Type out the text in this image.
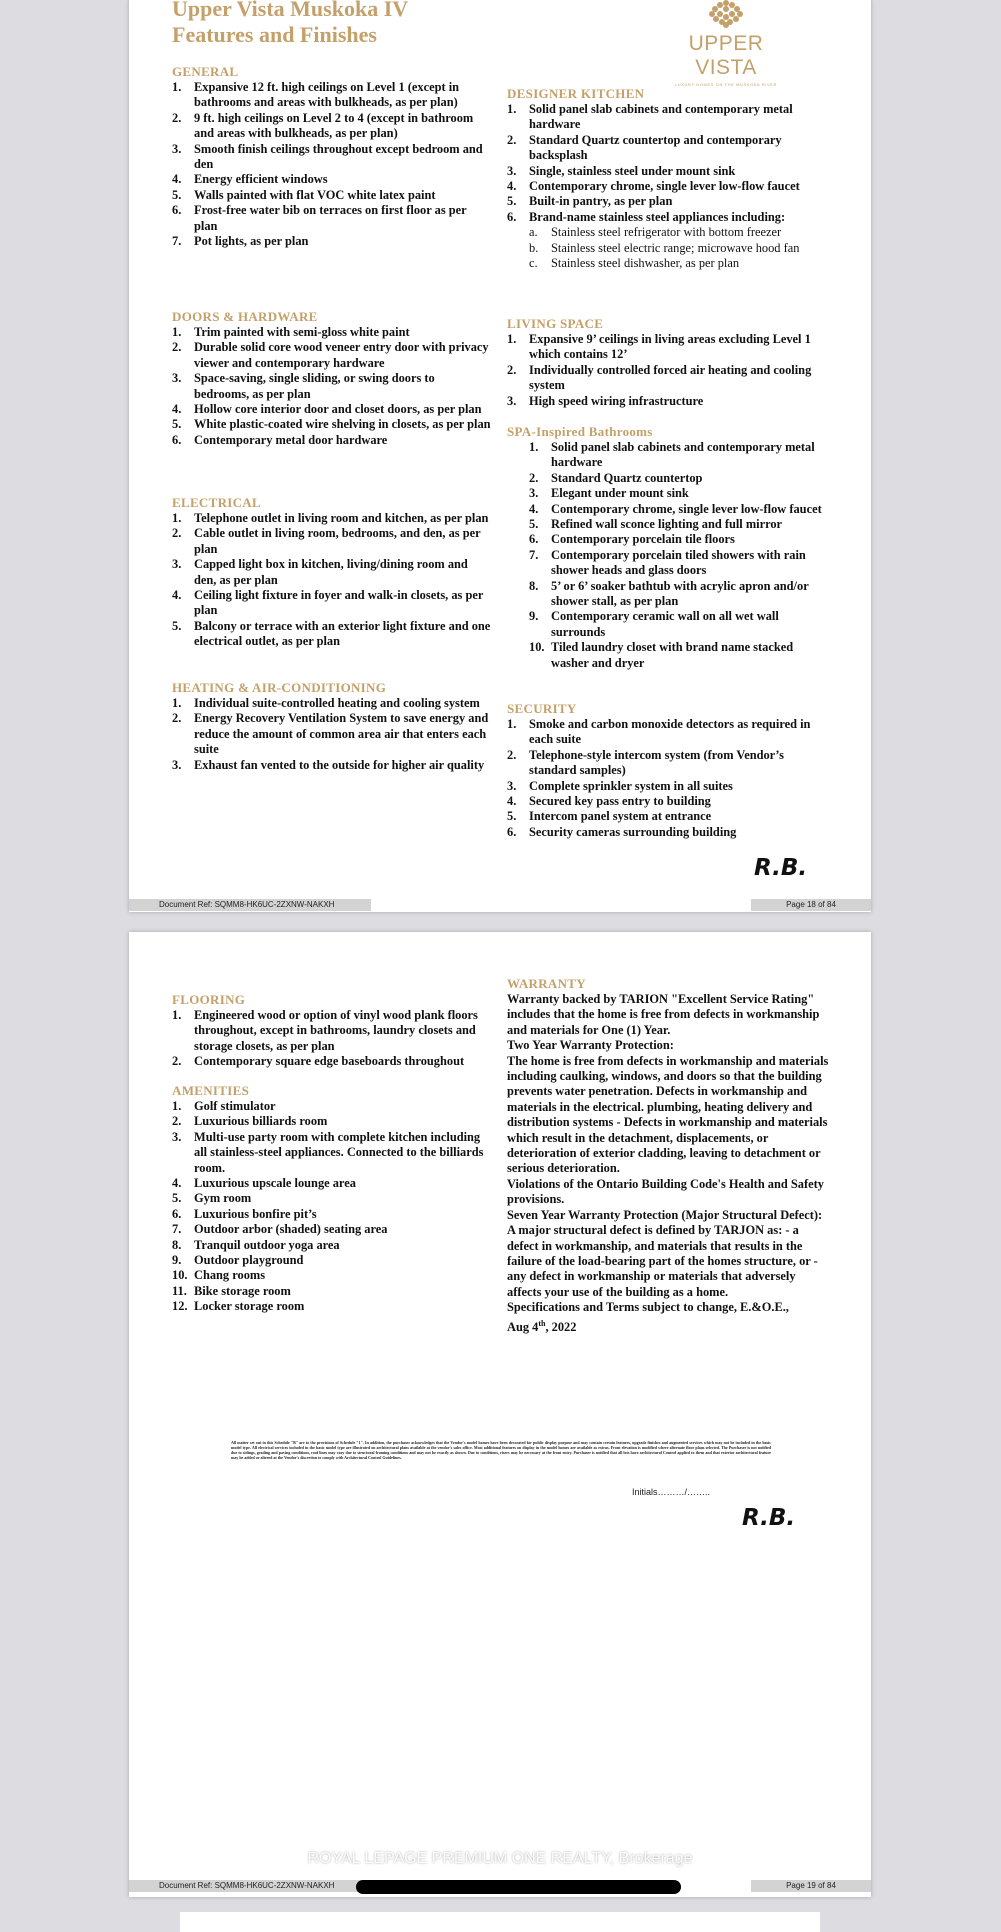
Upper Vista Muskoka IV
Features and Finishes	UPPER VISTA
LUXURY HOMES ON THE MUSKOKA RIVER
GENERAL
1. Expansive 12 ft. high ceilings on Level 1 (except in bathrooms and areas with bulkheads, as per plan)
2. 9 ft. high ceilings on Level 2 to 4 (except in bathroom and areas with bulkheads, as per plan)
3. Smooth finish ceilings throughout except bedroom and den
4. Energy efficient windows
5. Walls painted with flat VOC white latex paint
6. Frost-free water bib on terraces on first floor as per plan
7. Pot lights, as per plan
DOORS & HARDWARE
1. Trim painted with semi-gloss white paint
2. Durable solid core wood veneer entry door with privacy viewer and contemporary hardware
3. Space-saving, single sliding, or swing doors to bedrooms, as per plan
4. Hollow core interior door and closet doors, as per plan
5. White plastic-coated wire shelving in closets, as per plan
6. Contemporary metal door hardware
ELECTRICAL
1. Telephone outlet in living room and kitchen, as per plan
2. Cable outlet in living room, bedrooms, and den, as per plan
3. Capped light box in kitchen, living/dining room and den, as per plan
4. Ceiling light fixture in foyer and walk-in closets, as per plan
5. Balcony or terrace with an exterior light fixture and one electrical outlet, as per plan
HEATING & AIR-CONDITIONING
1. Individual suite-controlled heating and cooling system
2. Energy Recovery Ventilation System to save energy and reduce the amount of common area air that enters each suite
3. Exhaust fan vented to the outside for higher air quality
DESIGNER KITCHEN
1. Solid panel slab cabinets and contemporary metal hardware
2. Standard Quartz countertop and contemporary backsplash
3. Single, stainless steel under mount sink
4. Contemporary chrome, single lever low-flow faucet
5. Built-in pantry, as per plan
6. Brand-name stainless steel appliances including:
a. Stainless steel refrigerator with bottom freezer
b. Stainless steel electric range; microwave hood fan
c. Stainless steel dishwasher, as per plan
LIVING SPACE
1. Expansive 9’ ceilings in living areas excluding Level 1 which contains 12’
2. Individually controlled forced air heating and cooling system
3. High speed wiring infrastructure
SPA-Inspired Bathrooms
1. Solid panel slab cabinets and contemporary metal hardware
2. Standard Quartz countertop
3. Elegant under mount sink
4. Contemporary chrome, single lever low-flow faucet
5. Refined wall sconce lighting and full mirror
6. Contemporary porcelain tile floors
7. Contemporary porcelain tiled showers with rain shower heads and glass doors
8. 5’ or 6’ soaker bathtub with acrylic apron and/or shower stall, as per plan
9. Contemporary ceramic wall on all wet wall surrounds
10. Tiled laundry closet with brand name stacked washer and dryer
SECURITY
1. Smoke and carbon monoxide detectors as required in each suite
2. Telephone-style intercom system (from Vendor’s standard samples)
3. Complete sprinkler system in all suites
4. Secured key pass entry to building
5. Intercom panel system at entrance
6. Security cameras surrounding building
R.B.
Document Ref: SQMM8-HK6UC-2ZXNW-NAKXH	Page 18 of 84
FLOORING
1. Engineered wood or option of vinyl wood plank floors throughout, except in bathrooms, laundry closets and storage closets, as per plan
2. Contemporary square edge baseboards throughout
AMENITIES
1. Golf stimulator
2. Luxurious billiards room
3. Multi-use party room with complete kitchen including all stainless-steel appliances. Connected to the billiards room.
4. Luxurious upscale lounge area
5. Gym room
6. Luxurious bonfire pit’s
7. Outdoor arbor (shaded) seating area
8. Tranquil outdoor yoga area
9. Outdoor playground
10. Chang rooms
11. Bike storage room
12. Locker storage room
WARRANTY

Warranty backed by TARION "Excellent Service Rating" includes that the home is free from defects in workmanship and materials for One (1) Year.

Two Year Warranty Protection:

The home is free from defects in workmanship and materials including caulking, windows, and doors so that the building prevents water penetration. Defects in workmanship and materials in the electrical. plumbing, heating delivery and distribution systems - Defects in workmanship and materials which result in the detachment, displacements, or deterioration of exterior cladding, leaving to detachment or serious deterioration.

Violations of the Ontario Building Code's Health and Safety provisions.

Seven Year Warranty Protection (Major Structural Defect):

A major structural defect is defined by TARJON as: - a defect in workmanship, and materials that results in the failure of the load-bearing part of the homes structure, or - any defect in workmanship or materials that adversely affects your use of the building as a home.

Specifications and Terms subject to change, E.&O.E.,

Aug 4th, 2022

All matter set out in this Schedule "B" are to the provisions of Schedule "1". In addition, the purchaser acknowledges that the Vendor's model homes have been decorated for public display purpose and may contain certain features, upgrade finishes and augmented services which may not be included in the basic model type. All electrical services included in the basic model type are illustrated on architectural plans available at the vendor's sales office. Most additional features on display in the model homes are available as extras. Front elevation is modified where alternate floor plans selected. The Purchaser is not notified due to sidings, grading and paving conditions, roof lines may vary due to structural framing conditions and may not be exactly as shown. Due to conditions, risers may be necessary at the front entry. Purchaser is notified that all lots have architectural Control applied to them and that exterior architectural feature may be added or altered at the Vendor's discretion to comply with Architectural Control Guidelines.
Initials………/……..
R.B.
Document Ref: SQMM8-HK6UC-2ZXNW-NAKXH	Page 19 of 84
ROYAL LEPAGE PREMIUM ONE REALTY, Brokerage
